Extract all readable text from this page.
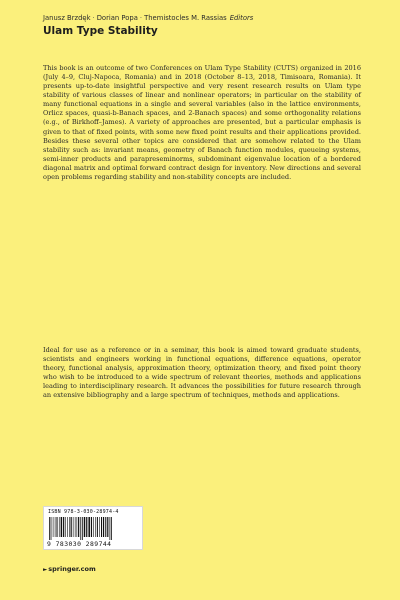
Janusz Brzdęk · Dorian Popa · Themistocles M. Rassias Editors
Ulam Type Stability

This book is an outcome of two Conferences on Ulam Type Stability (CUTS) organized in 2016 (July 4–9, Cluj-Napoca, Romania) and in 2018 (October 8–13, 2018, Timisoara, Romania). It presents up-to-date insightful perspective and very resent research results on Ulam type stability of various classes of linear and nonlinear operators; in particular on the stability of many functional equations in a single and several variables (also in the lattice environments, Orlicz spaces, quasi-b-Banach spaces, and 2-Banach spaces) and some orthogonality relations (e.g., of Birkhoff–James). A variety of approaches are presented, but a particular emphasis is given to that of fixed points, with some new fixed point results and their applications provided. Besides these several other topics are considered that are somehow related to the Ulam stability such as: invariant means, geometry of Banach function modules, queueing systems, semi-inner products and parapreseminorms, subdominant eigenvalue location of a bordered diagonal matrix and optimal forward contract design for inventory. New directions and several open problems regarding stability and non-stability concepts are included.

Ideal for use as a reference or in a seminar, this book is aimed toward graduate students, scientists and engineers working in functional equations, difference equations, operator theory, functional analysis, approximation theory, optimization theory, and fixed point theory who wish to be introduced to a wide spectrum of relevant theories, methods and applications leading to interdisciplinary research. It advances the possibilities for future research through an extensive bibliography and a large spectrum of techniques, methods and applications.

ISBN 978-3-030-28974-4
9 783030 289744
►springer.com
